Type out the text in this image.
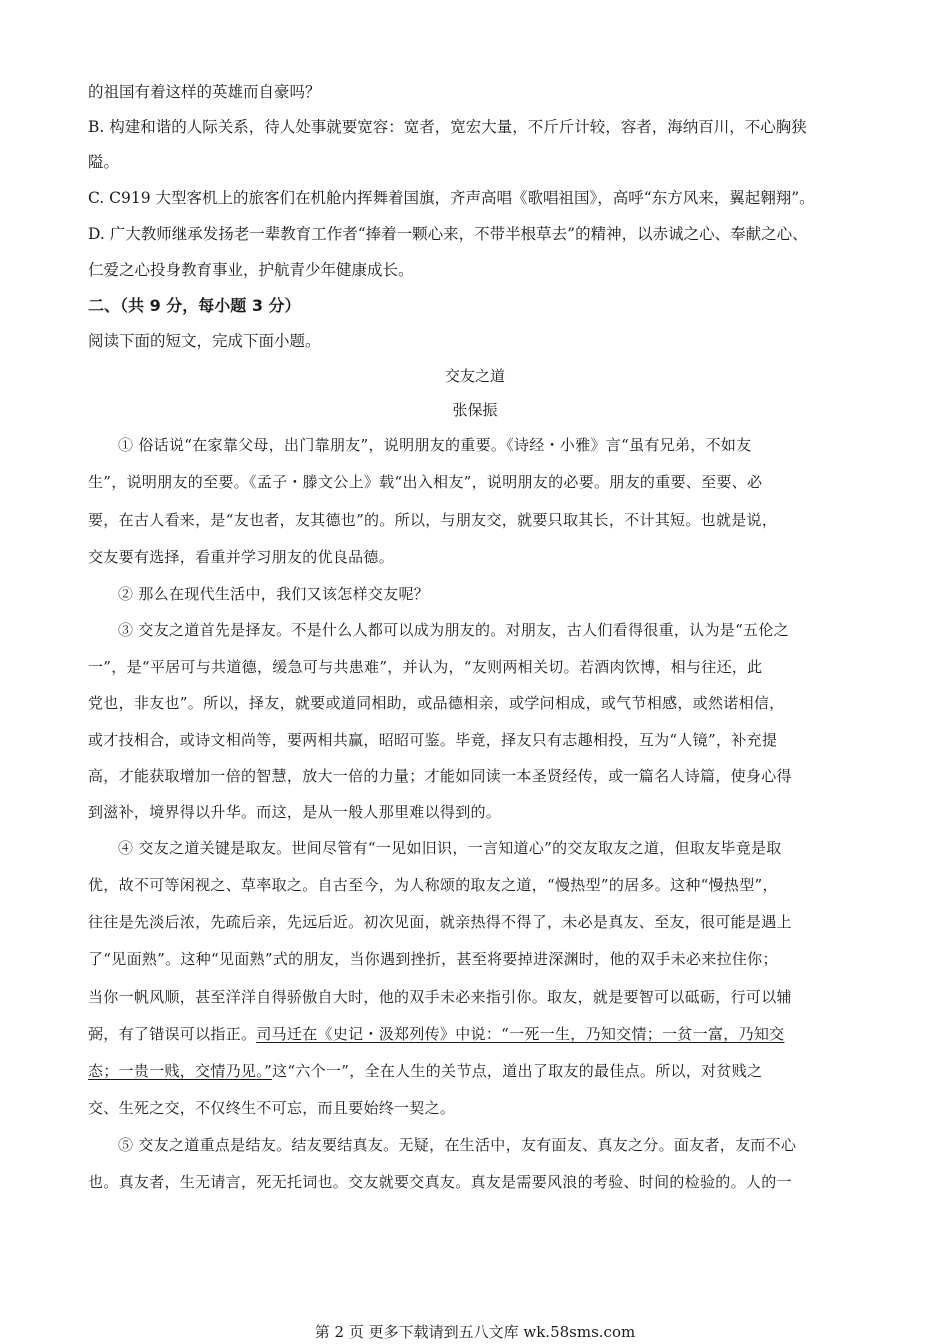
的祖国有着这样的英雄而自豪吗？
B. 构建和谐的人际关系，待人处事就要宽容：宽者，宽宏大量，不斤斤计较，容者，海纳百川，不心胸狭
隘。
C. C919 大型客机上的旅客们在机舱内挥舞着国旗，齐声高唱《歌唱祖国》，高呼“东方风来，翼起翱翔”。
D. 广大教师继承发扬老一辈教育工作者“捧着一颗心来，不带半根草去”的精神，以赤诚之心、奉献之心、
仁爱之心投身教育事业，护航青少年健康成长。
二、（共 9 分，每小题 3 分）
阅读下面的短文，完成下面小题。
交友之道
张保振
① 俗话说“在家靠父母，出门靠朋友”，说明朋友的重要。《诗经・小雅》言“虽有兄弟，不如友
生”，说明朋友的至要。《孟子・滕文公上》载“出入相友”，说明朋友的必要。朋友的重要、至要、必
要，在古人看来，是“友也者，友其德也”的。所以，与朋友交，就要只取其长，不计其短。也就是说，
交友要有选择，看重并学习朋友的优良品德。
② 那么在现代生活中，我们又该怎样交友呢？
③ 交友之道首先是择友。不是什么人都可以成为朋友的。对朋友，古人们看得很重，认为是“五伦之
一”，是“平居可与共道德，缓急可与共患难”，并认为，“友则两相关切。若酒肉饮博，相与往还，此
党也，非友也”。所以，择友，就要或道同相助，或品德相亲，或学问相成，或气节相感，或然诺相信，
或才技相合，或诗文相尚等，要两相共赢，昭昭可鉴。毕竟，择友只有志趣相投，互为“人镜”，补充提
高，才能获取增加一倍的智慧，放大一倍的力量；才能如同读一本圣贤经传，或一篇名人诗篇，使身心得
到滋补，境界得以升华。而这，是从一般人那里难以得到的。
④ 交友之道关键是取友。世间尽管有“一见如旧识，一言知道心”的交友取友之道，但取友毕竟是取
优，故不可等闲视之、草率取之。自古至今，为人称颂的取友之道，“慢热型”的居多。这种“慢热型”，
往往是先淡后浓，先疏后亲，先远后近。初次见面，就亲热得不得了，未必是真友、至友，很可能是遇上
了“见面熟”。这种“见面熟”式的朋友，当你遇到挫折，甚至将要掉进深渊时，他的双手未必来拉住你；
当你一帆风顺，甚至洋洋自得骄傲自大时，他的双手未必来指引你。取友，就是要智可以砥砺，行可以辅
弼，有了错误可以指正。司马迁在《史记・汲郑列传》中说：“一死一生，乃知交情；一贫一富，乃知交
态；一贵一贱，交情乃见。”这“六个一”，全在人生的关节点，道出了取友的最佳点。所以，对贫贱之
交、生死之交，不仅终生不可忘，而且要始终一契之。
⑤ 交友之道重点是结友。结友要结真友。无疑，在生活中，友有面友、真友之分。面友者，友而不心
也。真友者，生无请言，死无托词也。交友就要交真友。真友是需要风浪的考验、时间的检验的。人的一
第 2 页 更多下载请到五八文库 wk.58sms.com
